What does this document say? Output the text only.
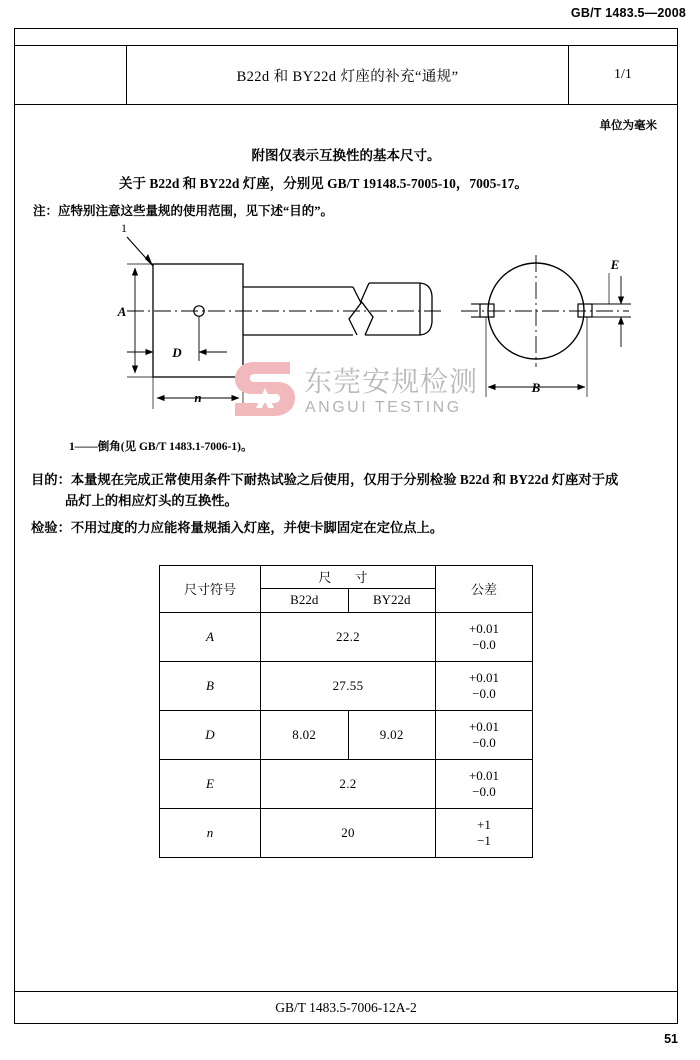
GB/T 1483.5—2008
B22d 和 BY22d 灯座的补充“通规”	1/1
单位为毫米
附图仅表示互换性的基本尺寸。
关于 B22d 和 BY22d 灯座，分别见 GB/T 19148.5-7005-10，7005-17。
注：应特别注意这些量规的使用范围，见下述“目的”。
A
D
n
B
E
1
1——倒角(见 GB/T 1483.1-7006-1)。
目的：本量规在完成正常使用条件下耐热试验之后使用，仅用于分别检验 B22d 和 BY22d 灯座对于成
品灯上的相应灯头的互换性。
检验：不用过度的力应能将量规插入灯座，并使卡脚固定在定位点上。
尺寸符号	尺 寸		公差
	B22d	BY22d	
A	22.2		+0.01
−0.0

B	27.55		+0.01
−0.0

D	8.02	9.02	+0.01
−0.0

E	2.2		+0.01
−0.0

n	20		+1
−1
GB/T 1483.5-7006-12A-2
东莞安规检测
ANGUI TESTING
51
